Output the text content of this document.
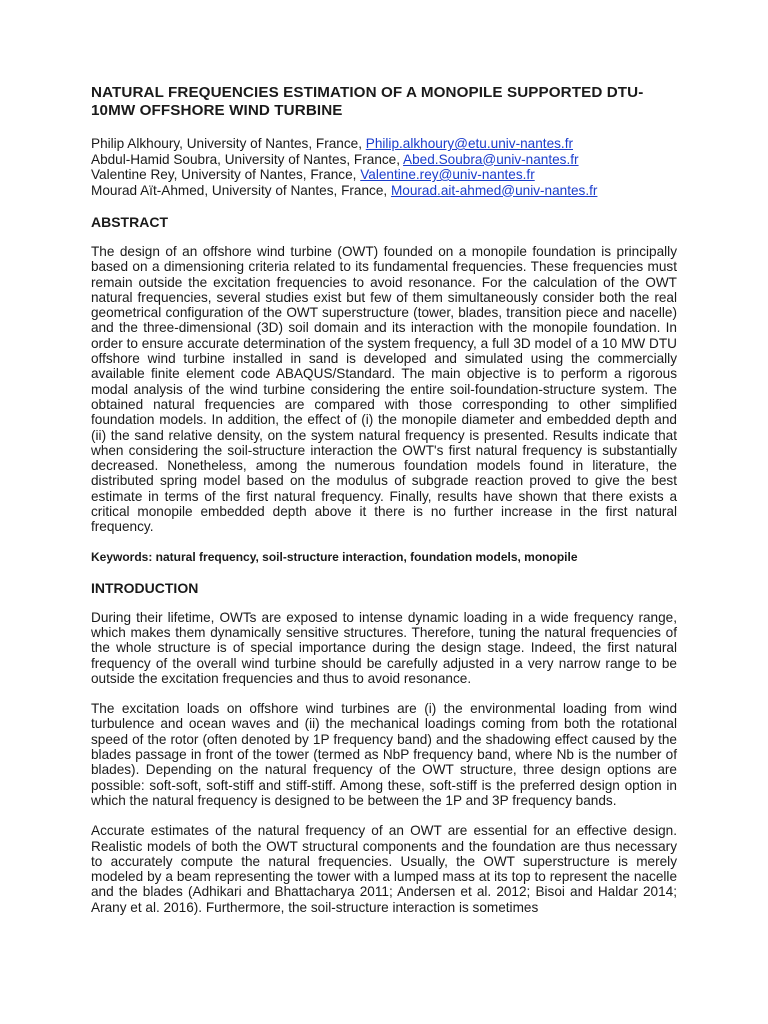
NATURAL FREQUENCIES ESTIMATION OF A MONOPILE SUPPORTED DTU-10MW OFFSHORE WIND TURBINE
Philip Alkhoury, University of Nantes, France, Philip.alkhoury@etu.univ-nantes.fr
Abdul-Hamid Soubra, University of Nantes, France, Abed.Soubra@univ-nantes.fr
Valentine Rey, University of Nantes, France, Valentine.rey@univ-nantes.fr
Mourad Aït-Ahmed, University of Nantes, France, Mourad.ait-ahmed@univ-nantes.fr
ABSTRACT

The design of an offshore wind turbine (OWT) founded on a monopile foundation is principally based on a dimensioning criteria related to its fundamental frequencies. These frequencies must remain outside the excitation frequencies to avoid resonance. For the calculation of the OWT natural frequencies, several studies exist but few of them simultaneously consider both the real geometrical configuration of the OWT superstructure (tower, blades, transition piece and nacelle) and the three-dimensional (3D) soil domain and its interaction with the monopile foundation. In order to ensure accurate determination of the system frequency, a full 3D model of a 10 MW DTU offshore wind turbine installed in sand is developed and simulated using the commercially available finite element code ABAQUS/Standard. The main objective is to perform a rigorous modal analysis of the wind turbine considering the entire soil-foundation-structure system. The obtained natural frequencies are compared with those corresponding to other simplified foundation models. In addition, the effect of (i) the monopile diameter and embedded depth and (ii) the sand relative density, on the system natural frequency is presented. Results indicate that when considering the soil-structure interaction the OWT's first natural frequency is substantially decreased. Nonetheless, among the numerous foundation models found in literature, the distributed spring model based on the modulus of subgrade reaction proved to give the best estimate in terms of the first natural frequency. Finally, results have shown that there exists a critical monopile embedded depth above it there is no further increase in the first natural frequency.

Keywords: natural frequency, soil-structure interaction, foundation models, monopile
INTRODUCTION

During their lifetime, OWTs are exposed to intense dynamic loading in a wide frequency range, which makes them dynamically sensitive structures. Therefore, tuning the natural frequencies of the whole structure is of special importance during the design stage. Indeed, the first natural frequency of the overall wind turbine should be carefully adjusted in a very narrow range to be outside the excitation frequencies and thus to avoid resonance.

The excitation loads on offshore wind turbines are (i) the environmental loading from wind turbulence and ocean waves and (ii) the mechanical loadings coming from both the rotational speed of the rotor (often denoted by 1P frequency band) and the shadowing effect caused by the blades passage in front of the tower (termed as NbP frequency band, where Nb is the number of blades). Depending on the natural frequency of the OWT structure, three design options are possible: soft-soft, soft-stiff and stiff-stiff. Among these, soft-stiff is the preferred design option in which the natural frequency is designed to be between the 1P and 3P frequency bands.

Accurate estimates of the natural frequency of an OWT are essential for an effective design. Realistic models of both the OWT structural components and the foundation are thus necessary to accurately compute the natural frequencies. Usually, the OWT superstructure is merely modeled by a beam representing the tower with a lumped mass at its top to represent the nacelle and the blades (Adhikari and Bhattacharya 2011; Andersen et al. 2012; Bisoi and Haldar 2014; Arany et al. 2016). Furthermore, the soil-structure interaction is sometimes
